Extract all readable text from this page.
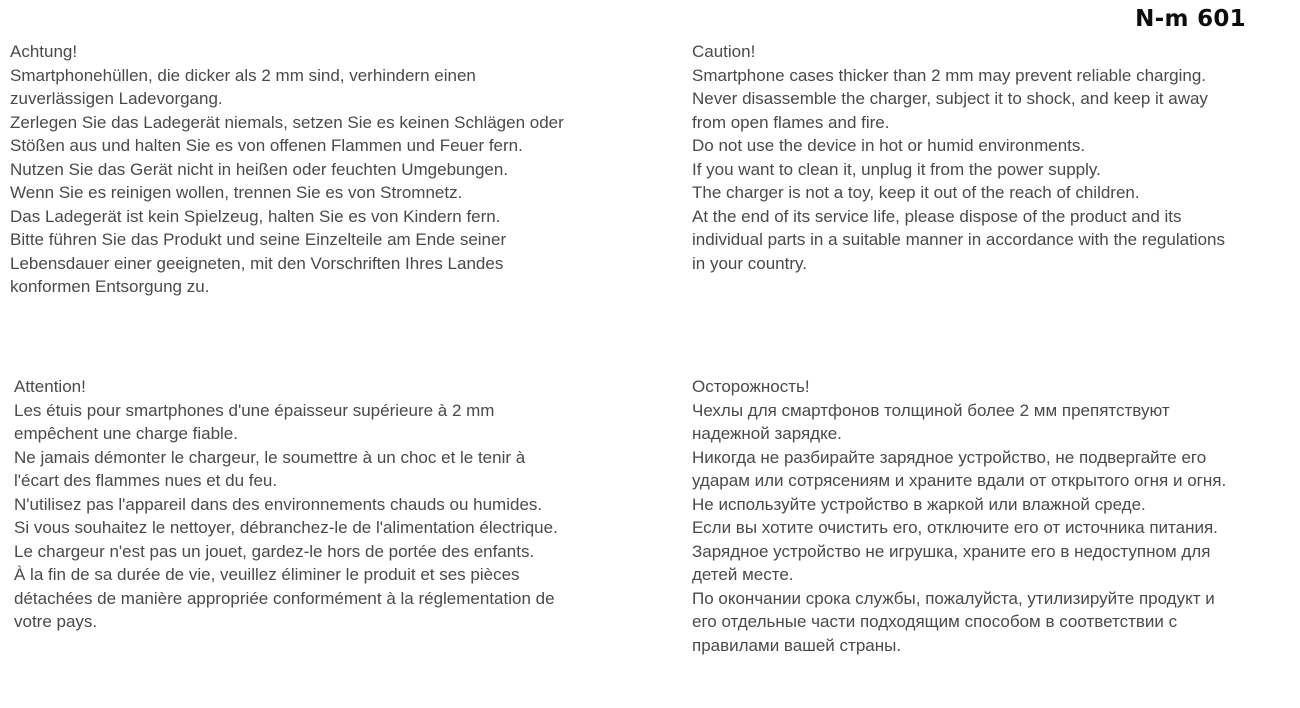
N-m 601
Achtung!
Smartphonehüllen, die dicker als 2 mm sind, verhindern einen
zuverlässigen Ladevorgang.
Zerlegen Sie das Ladegerät niemals, setzen Sie es keinen Schlägen oder
Stößen aus und halten Sie es von offenen Flammen und Feuer fern.
Nutzen Sie das Gerät nicht in heißen oder feuchten Umgebungen.
Wenn Sie es reinigen wollen, trennen Sie es von Stromnetz.
Das Ladegerät ist kein Spielzeug, halten Sie es von Kindern fern.
Bitte führen Sie das Produkt und seine Einzelteile am Ende seiner
Lebensdauer einer geeigneten, mit den Vorschriften Ihres Landes
konformen Entsorgung zu.
Caution!
Smartphone cases thicker than 2 mm may prevent reliable charging.
Never disassemble the charger, subject it to shock, and keep it away
from open flames and fire.
Do not use the device in hot or humid environments.
If you want to clean it, unplug it from the power supply.
The charger is not a toy, keep it out of the reach of children.
At the end of its service life, please dispose of the product and its
individual parts in a suitable manner in accordance with the regulations
in your country.
Attention!
Les étuis pour smartphones d'une épaisseur supérieure à 2 mm
empêchent une charge fiable.
Ne jamais démonter le chargeur, le soumettre à un choc et le tenir à
l'écart des flammes nues et du feu.
N'utilisez pas l'appareil dans des environnements chauds ou humides.
Si vous souhaitez le nettoyer, débranchez-le de l'alimentation électrique.
Le chargeur n'est pas un jouet, gardez-le hors de portée des enfants.
À la fin de sa durée de vie, veuillez éliminer le produit et ses pièces
détachées de manière appropriée conformément à la réglementation de
votre pays.
Осторожность!
Чехлы для смартфонов толщиной более 2 мм препятствуют
надежной зарядке.
Никогда не разбирайте зарядное устройство, не подвергайте его
ударам или сотрясениям и храните вдали от открытого огня и огня.
Не используйте устройство в жаркой или влажной среде.
Если вы хотите очистить его, отключите его от источника питания.
Зарядное устройство не игрушка, храните его в недоступном для
детей месте.
По окончании срока службы, пожалуйста, утилизируйте продукт и
его отдельные части подходящим способом в соответствии с
правилами вашей страны.
